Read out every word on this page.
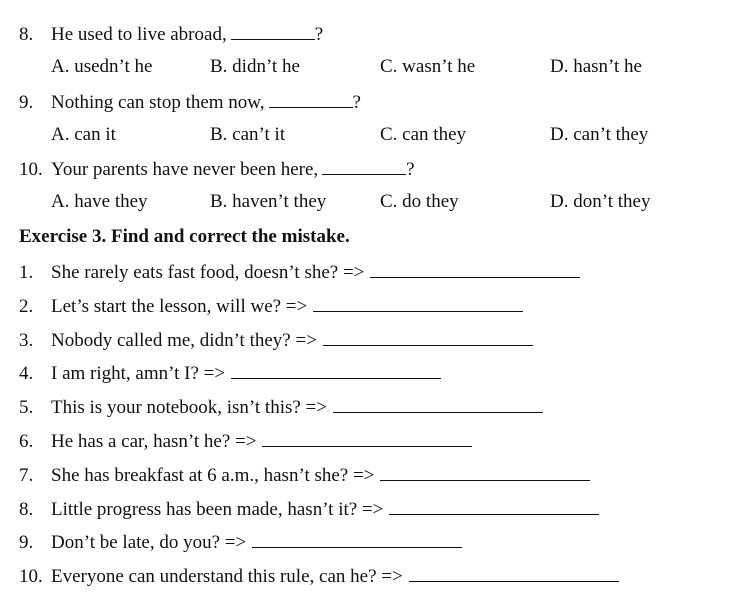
8. He used to live abroad,	?
A. usedn’t he	B. didn’t he	C. wasn’t he	D. hasn’t he
9. Nothing can stop them now,	?
A. can it	B. can’t it	C. can they	D. can’t they
10. Your parents have never been here,	?
A. have they	B. haven’t they	C. do they	D. don’t they
Exercise 3. Find and correct the mistake.
1. She rarely eats fast food, doesn’t she? =>
2. Let’s start the lesson, will we? =>
3. Nobody called me, didn’t they? =>
4. I am right, amn’t I? =>
5. This is your notebook, isn’t this? =>
6. He has a car, hasn’t he? =>
7. She has breakfast at 6 a.m., hasn’t she? =>
8. Little progress has been made, hasn’t it? =>
9. Don’t be late, do you? =>
10. Everyone can understand this rule, can he? =>
